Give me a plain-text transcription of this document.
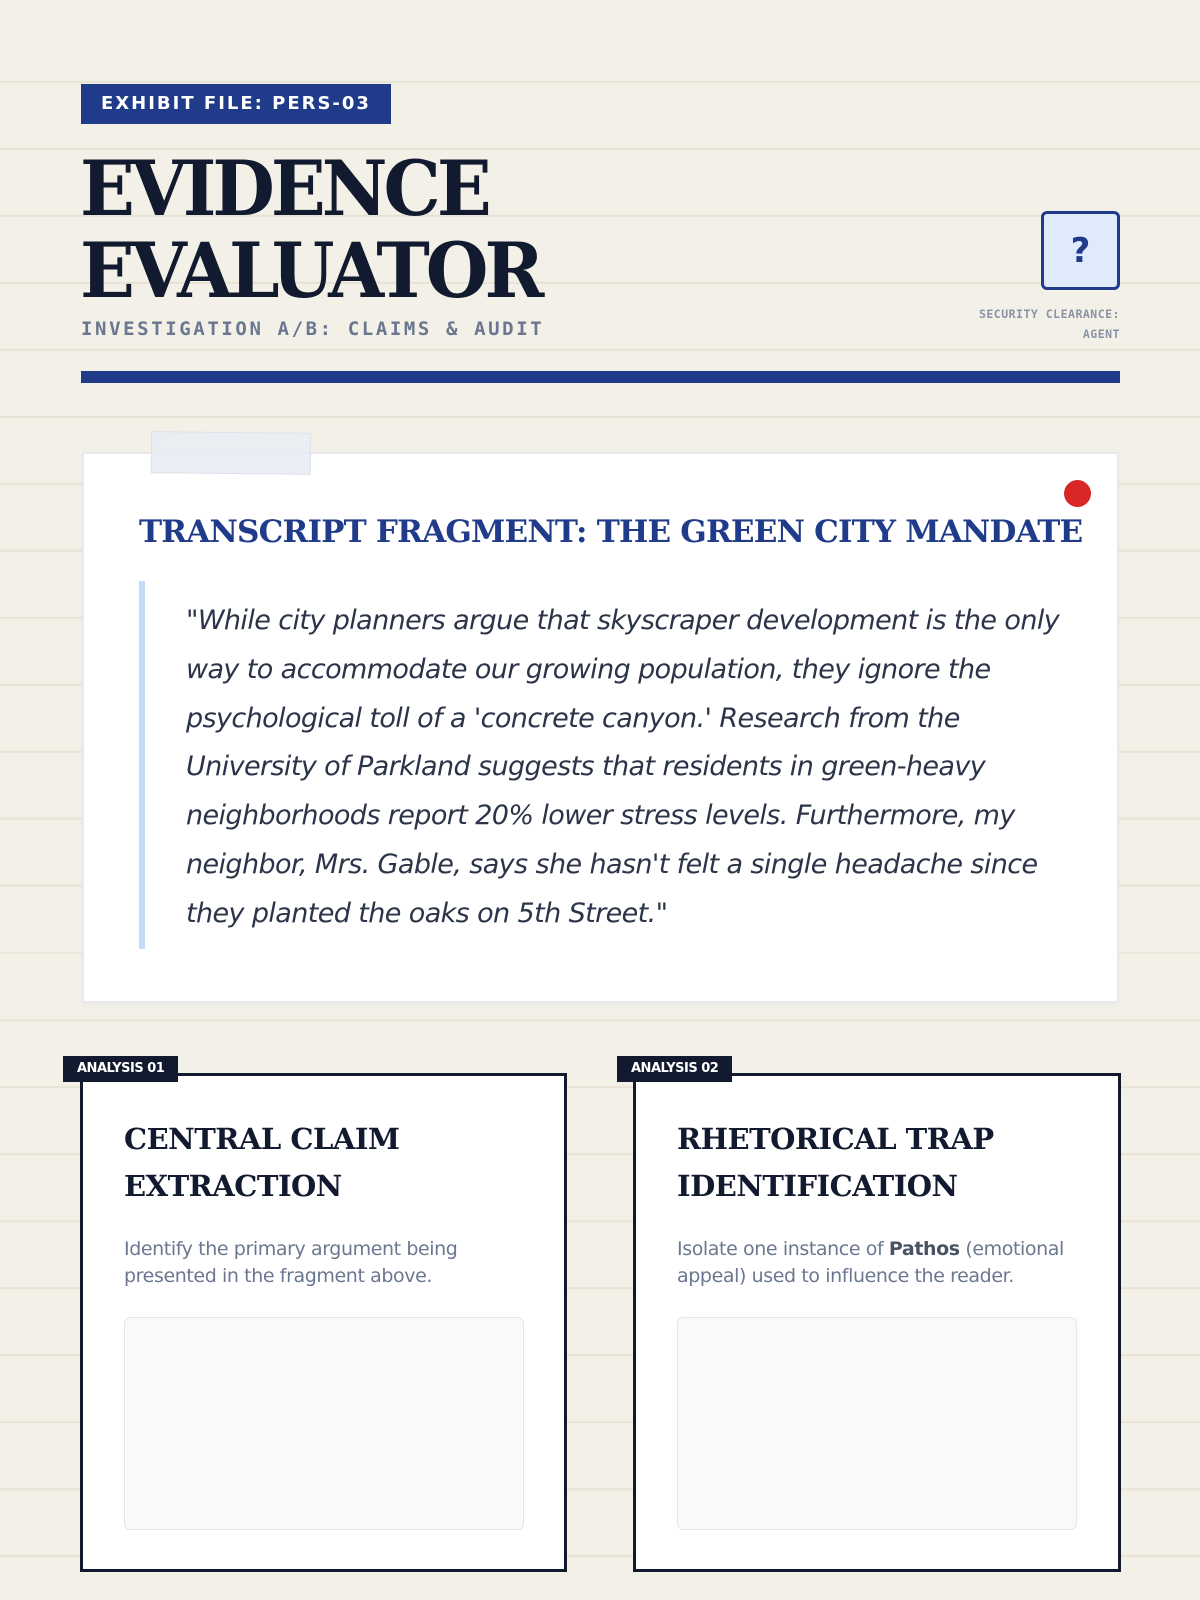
EXHIBIT FILE: PERS-03
EVIDENCE
EVALUATOR
INVESTIGATION A/B: CLAIMS & AUDIT
?
SECURITY CLEARANCE:
AGENT
TRANSCRIPT FRAGMENT: THE GREEN CITY MANDATE

"While city planners argue that skyscraper development is the only way to accommodate our growing population, they ignore the psychological toll of a 'concrete canyon.' Research from the University of Parkland suggests that residents in green-heavy neighborhoods report 20% lower stress levels. Furthermore, my neighbor, Mrs. Gable, says she hasn't felt a single headache since they planted the oaks on 5th Street."

CENTRAL CLAIM EXTRACTION

Identify the primary argument being presented in the fragment above.

ANALYSIS 01
RHETORICAL TRAP IDENTIFICATION

Isolate one instance of Pathos (emotional appeal) used to influence the reader.

ANALYSIS 02
